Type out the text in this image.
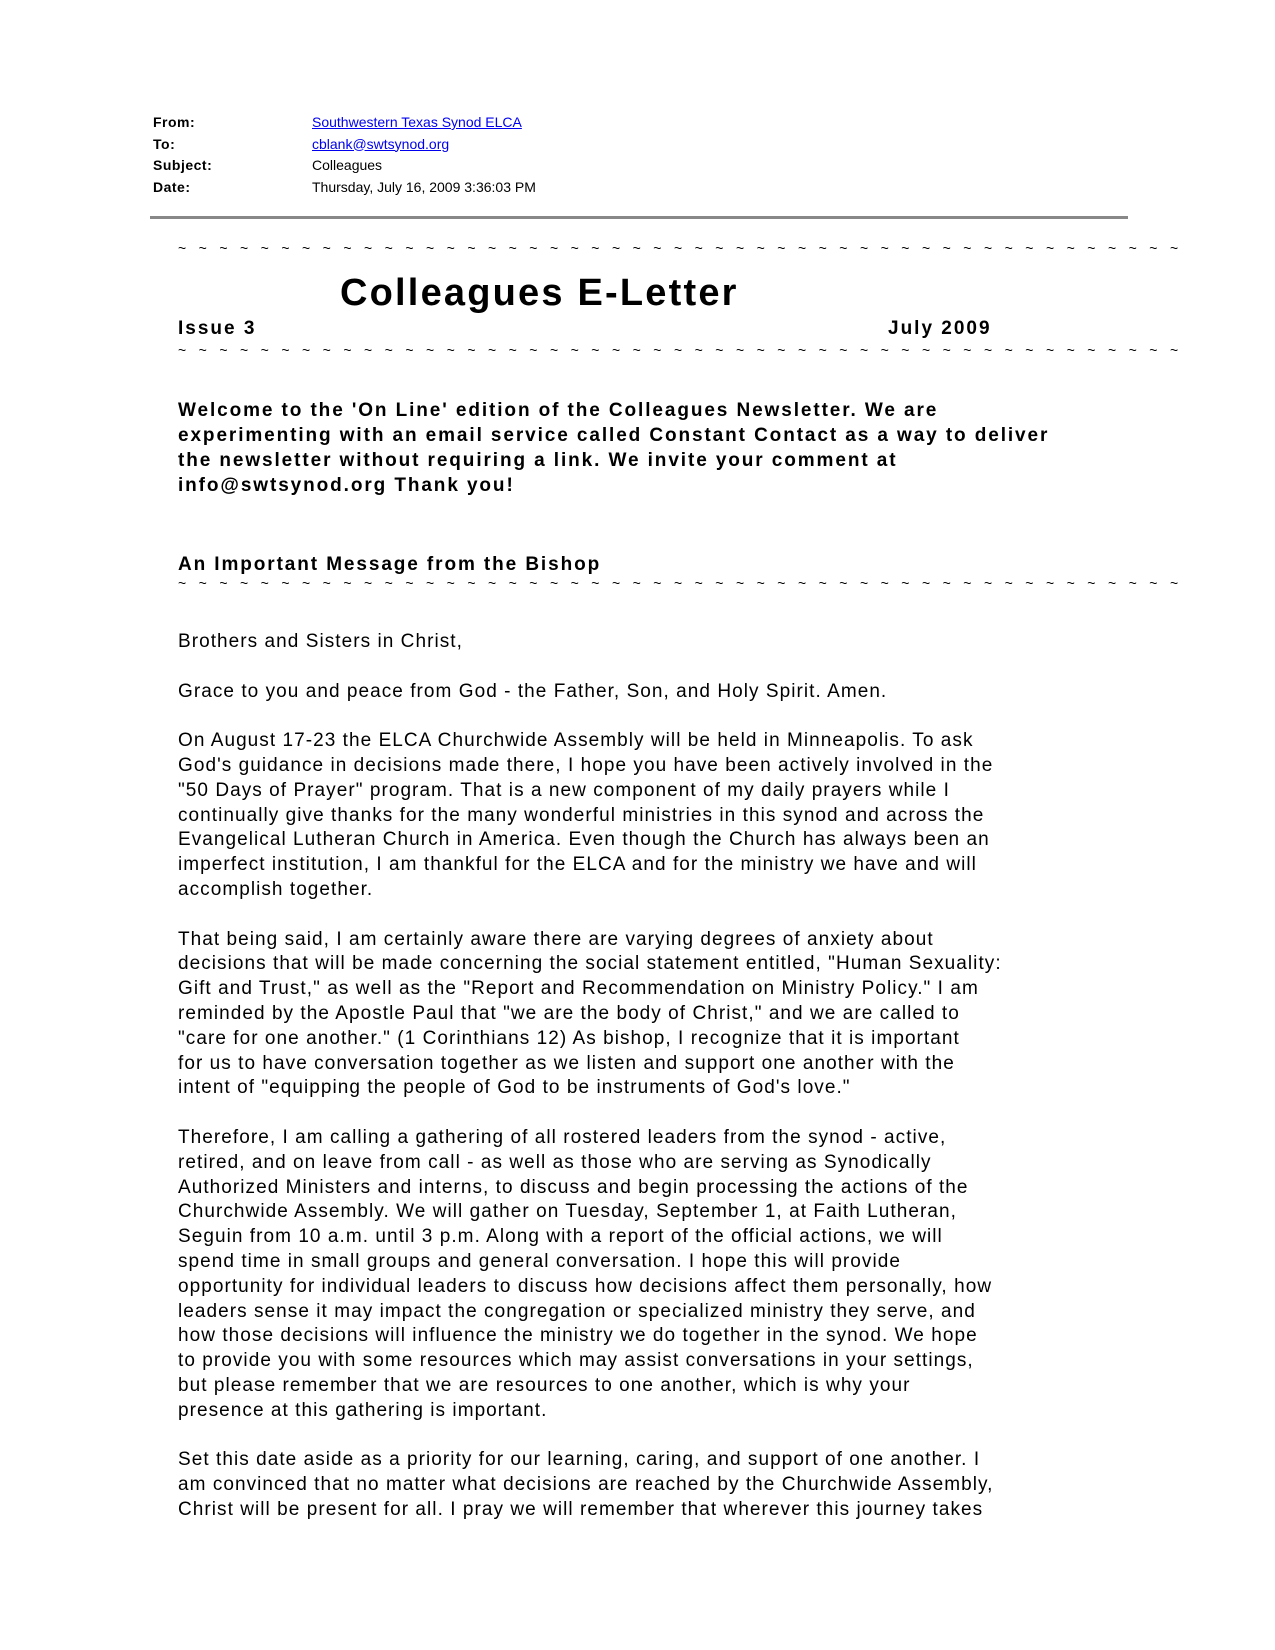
From:	Southwestern Texas Synod ELCA
To:	cblank@swtsynod.org
Subject:	Colleagues
Date:	Thursday, July 16, 2009 3:36:03 PM
~ ~ ~ ~ ~ ~ ~ ~ ~ ~ ~ ~ ~ ~ ~ ~ ~ ~ ~ ~ ~ ~ ~ ~ ~ ~ ~ ~ ~ ~ ~ ~ ~ ~ ~ ~ ~ ~ ~ ~ ~ ~ ~ ~ ~ ~ ~ ~ ~
Colleagues E-Letter
Issue 3	July 2009
~ ~ ~ ~ ~ ~ ~ ~ ~ ~ ~ ~ ~ ~ ~ ~ ~ ~ ~ ~ ~ ~ ~ ~ ~ ~ ~ ~ ~ ~ ~ ~ ~ ~ ~ ~ ~ ~ ~ ~ ~ ~ ~ ~ ~ ~ ~ ~ ~
Welcome to the 'On Line' edition of the Colleagues Newsletter. We are
experimenting with an email service called Constant Contact as a way to deliver
the newsletter without requiring a link. We invite your comment at
info@swtsynod.org Thank you!
An Important Message from the Bishop
~ ~ ~ ~ ~ ~ ~ ~ ~ ~ ~ ~ ~ ~ ~ ~ ~ ~ ~ ~ ~ ~ ~ ~ ~ ~ ~ ~ ~ ~ ~ ~ ~ ~ ~ ~ ~ ~ ~ ~ ~ ~ ~ ~ ~ ~ ~ ~ ~
Brothers and Sisters in Christ,
Grace to you and peace from God - the Father, Son, and Holy Spirit. Amen.
On August 17-23 the ELCA Churchwide Assembly will be held in Minneapolis. To ask
God's guidance in decisions made there, I hope you have been actively involved in the
"50 Days of Prayer" program. That is a new component of my daily prayers while I
continually give thanks for the many wonderful ministries in this synod and across the
Evangelical Lutheran Church in America. Even though the Church has always been an
imperfect institution, I am thankful for the ELCA and for the ministry we have and will
accomplish together.
That being said, I am certainly aware there are varying degrees of anxiety about
decisions that will be made concerning the social statement entitled, "Human Sexuality:
Gift and Trust," as well as the "Report and Recommendation on Ministry Policy." I am
reminded by the Apostle Paul that "we are the body of Christ," and we are called to
"care for one another." (1 Corinthians 12) As bishop, I recognize that it is important
for us to have conversation together as we listen and support one another with the
intent of "equipping the people of God to be instruments of God's love."
Therefore, I am calling a gathering of all rostered leaders from the synod - active,
retired, and on leave from call - as well as those who are serving as Synodically
Authorized Ministers and interns, to discuss and begin processing the actions of the
Churchwide Assembly. We will gather on Tuesday, September 1, at Faith Lutheran,
Seguin from 10 a.m. until 3 p.m. Along with a report of the official actions, we will
spend time in small groups and general conversation. I hope this will provide
opportunity for individual leaders to discuss how decisions affect them personally, how
leaders sense it may impact the congregation or specialized ministry they serve, and
how those decisions will influence the ministry we do together in the synod. We hope
to provide you with some resources which may assist conversations in your settings,
but please remember that we are resources to one another, which is why your
presence at this gathering is important.
Set this date aside as a priority for our learning, caring, and support of one another. I
am convinced that no matter what decisions are reached by the Churchwide Assembly,
Christ will be present for all. I pray we will remember that wherever this journey takes
